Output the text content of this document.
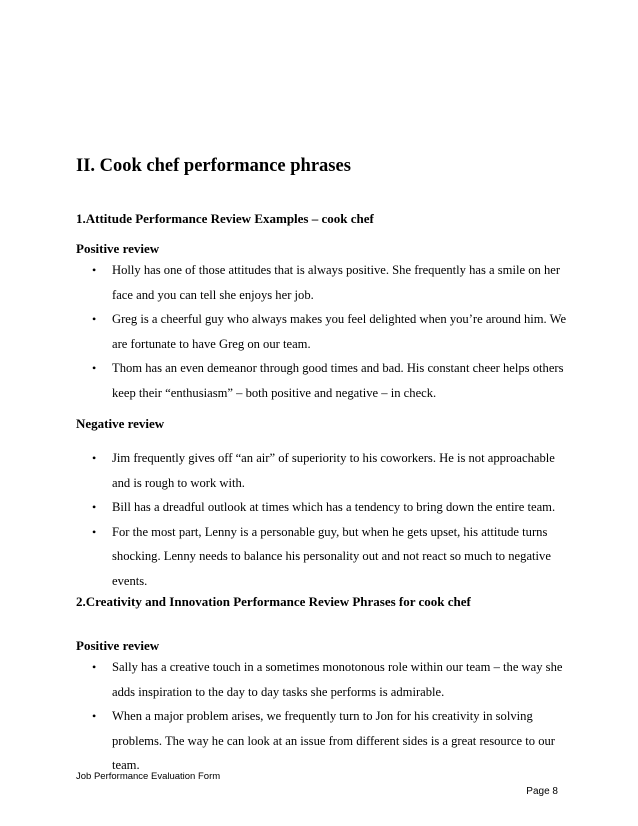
II. Cook chef performance phrases
1.Attitude Performance Review Examples – cook chef
Positive review
• Holly has one of those attitudes that is always positive. She frequently has a smile on her face and you can tell she enjoys her job.
• Greg is a cheerful guy who always makes you feel delighted when you’re around him. We are fortunate to have Greg on our team.
• Thom has an even demeanor through good times and bad. His constant cheer helps others keep their “enthusiasm” – both positive and negative – in check.
Negative review
• Jim frequently gives off “an air” of superiority to his coworkers. He is not approachable and is rough to work with.
• Bill has a dreadful outlook at times which has a tendency to bring down the entire team.
• For the most part, Lenny is a personable guy, but when he gets upset, his attitude turns shocking. Lenny needs to balance his personality out and not react so much to negative events.
2.Creativity and Innovation Performance Review Phrases for cook chef
Positive review
• Sally has a creative touch in a sometimes monotonous role within our team – the way she adds inspiration to the day to day tasks she performs is admirable.
• When a major problem arises, we frequently turn to Jon for his creativity in solving problems. The way he can look at an issue from different sides is a great resource to our team.
Job Performance Evaluation Form
Page 8
